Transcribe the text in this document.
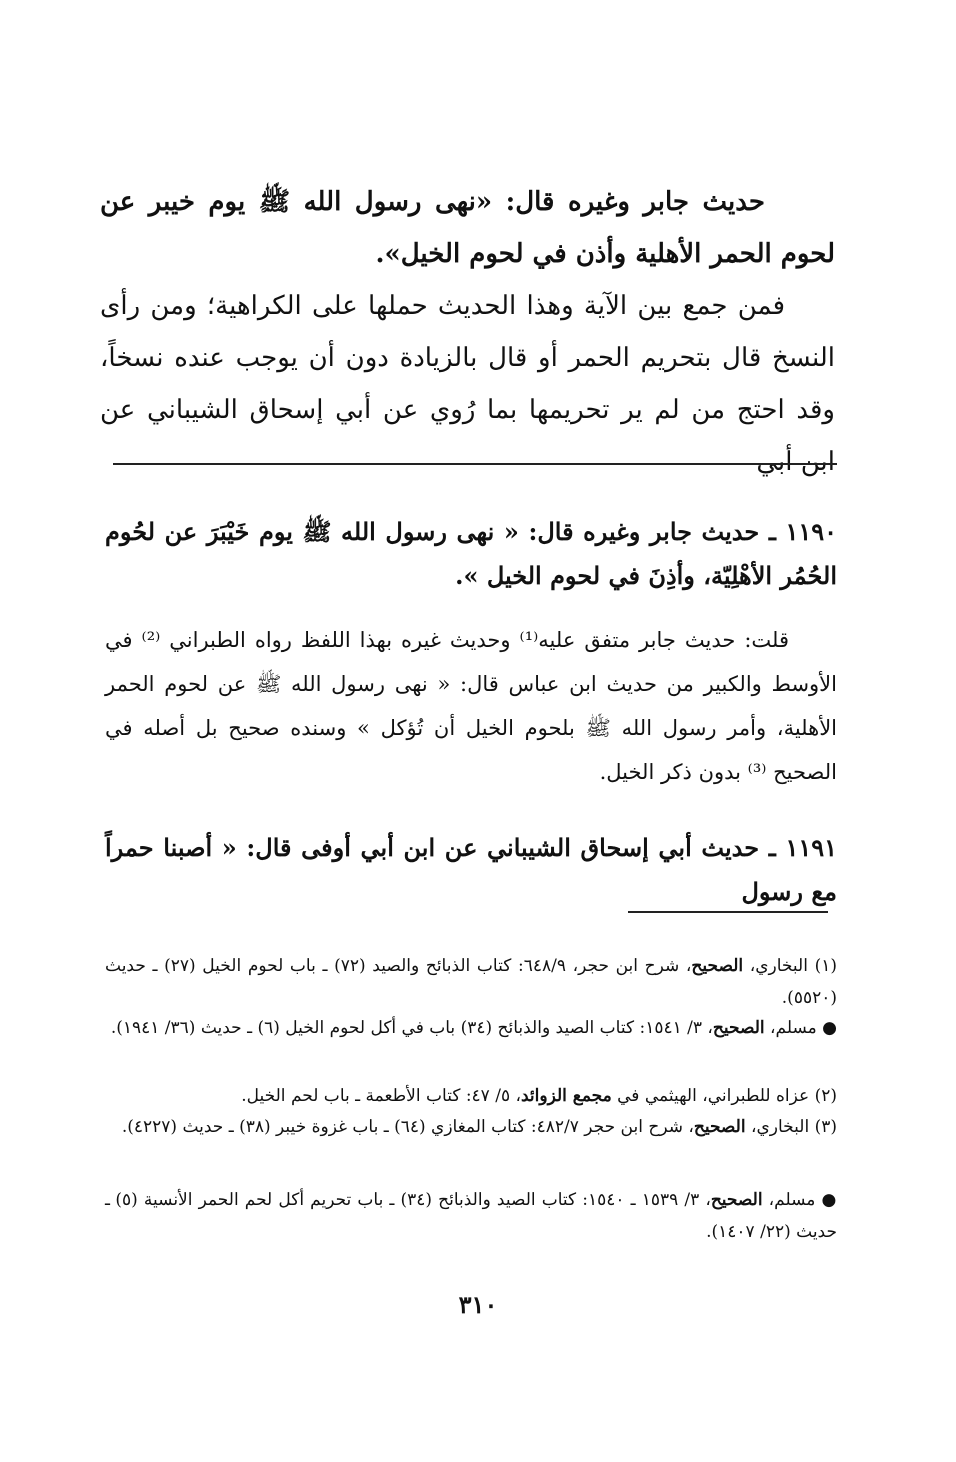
حديث جابر وغيره قال: «نهى رسول الله ﷺ يوم خيبر عن لحوم الحمر الأهلية وأذن في لحوم الخيل».

فمن جمع بين الآية وهذا الحديث حملها على الكراهية؛ ومن رأى النسخ قال بتحريم الحمر أو قال بالزيادة دون أن يوجب عنده نسخاً، وقد احتج من لم ير تحريمها بما رُوي عن أبي إسحاق الشيباني عن ابن أبي

١١٩٠ ـ حديث جابر وغيره قال: « نهى رسول الله ﷺ يوم خَيْبَرَ عن لحُوم الحُمُر الأهْلِيّة، وأذِنَ في لحوم الخيل ».

قلت: حديث جابر متفق عليه⁽¹⁾ وحديث غيره بهذا اللفظ رواه الطبراني ⁽²⁾ في الأوسط والكبير من حديث ابن عباس قال: « نهى رسول الله ﷺ عن لحوم الحمر الأهلية، وأمر رسول الله ﷺ بلحوم الخيل أن تُؤكل » وسنده صحيح بل أصله في الصحيح ⁽³⁾ بدون ذكر الخيل.

١١٩١ ـ حديث أبي إسحاق الشيباني عن ابن أبي أوفى قال: « أصبنا حمراً مع رسول

(١) البخاري، الصحيح، شرح ابن حجر، ٦٤٨/٩: كتاب الذبائح والصيد (٧٢) ـ باب لحوم الخيل (٢٧) ـ حديث (٥٥٢٠).

● مسلم، الصحيح، ٣/ ١٥٤١: كتاب الصيد والذبائح (٣٤) باب في أكل لحوم الخيل (٦) ـ حديث (٣٦/ ١٩٤١).

(٢) عزاه للطبراني، الهيثمي في مجمع الزوائد، ٥/ ٤٧: كتاب الأطعمة ـ باب لحم الخيل.

(٣) البخاري، الصحيح، شرح ابن حجر ٤٨٢/٧: كتاب المغازي (٦٤) ـ باب غزوة خيبر (٣٨) ـ حديث (٤٢٢٧).

● مسلم، الصحيح، ٣/ ١٥٣٩ ـ ١٥٤٠: كتاب الصيد والذبائح (٣٤) ـ باب تحريم أكل لحم الحمر الأنسية (٥) ـ حديث (٢٢/ ١٤٠٧).

٣١٠
